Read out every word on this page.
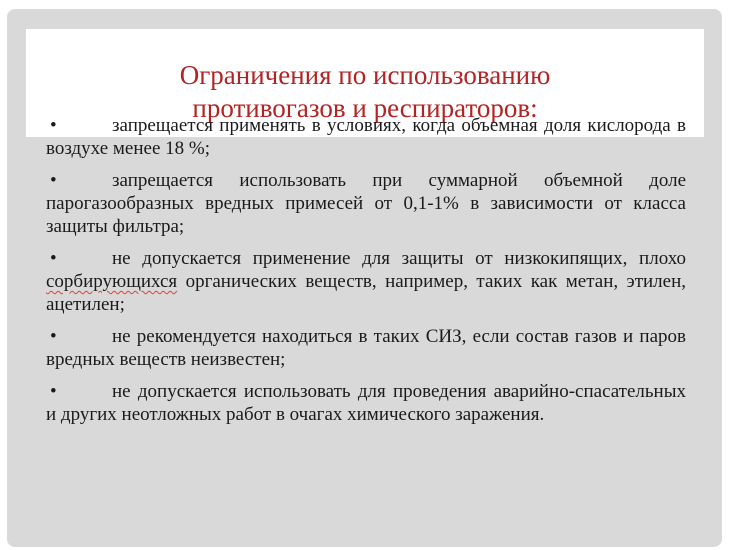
Ограничения по использованию
противогазов и респираторов:
•	запрещается применять в условиях, когда объемная доля кислорода в воздухе менее 18 %;
•	запрещается использовать при суммарной объемной доле парогазообразных вредных примесей от 0,1-1% в зависимости от класса защиты фильтра;
•	не допускается применение для защиты от низкокипящих, плохо сорбирующихся органических веществ, например, таких как метан, этилен, ацетилен;
•	не рекомендуется находиться в таких СИЗ, если состав газов и паров вредных веществ неизвестен;
•	не допускается использовать для проведения аварийно-спасательных и других неотложных работ в очагах химического заражения.
